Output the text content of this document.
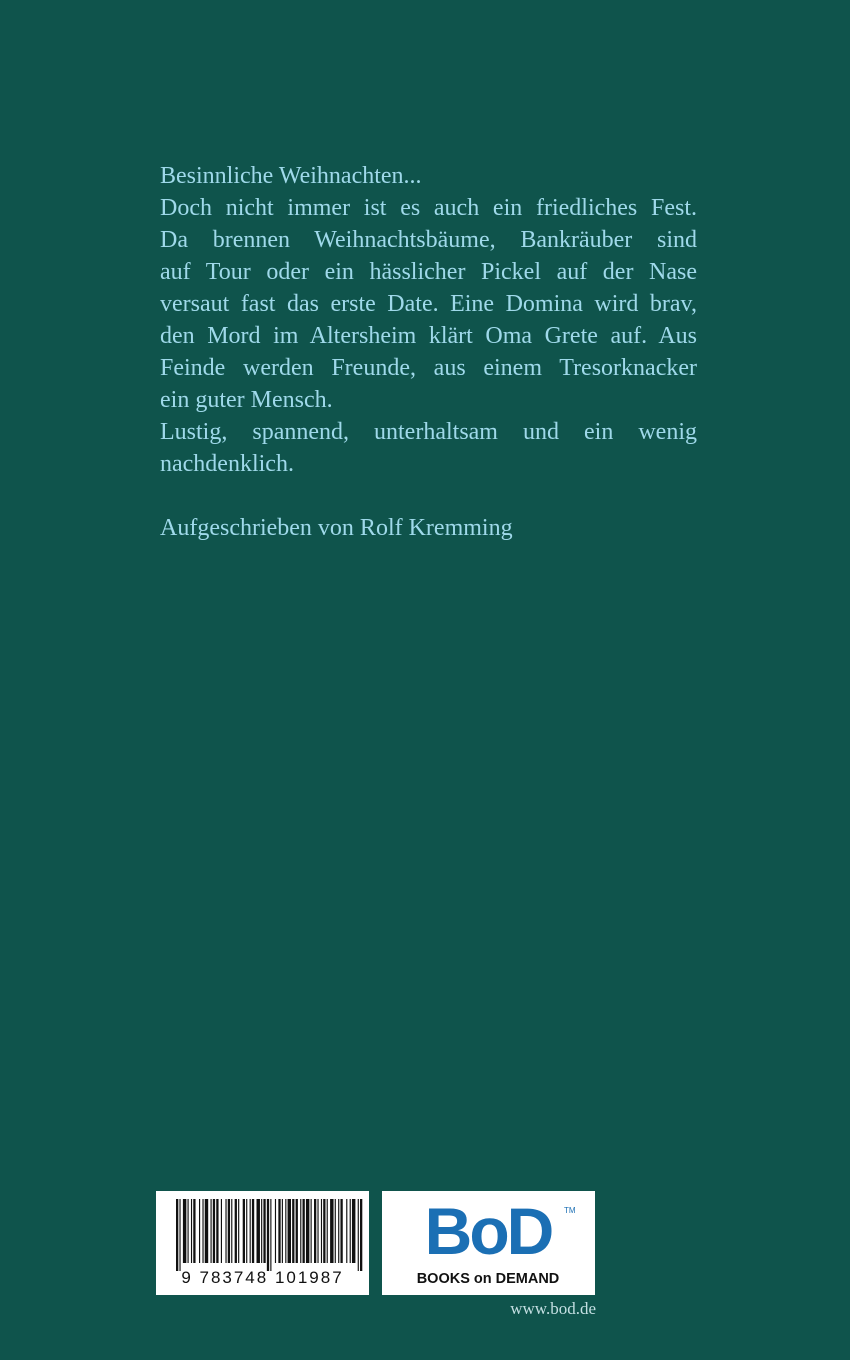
Besinnliche Weihnachten...
Doch nicht immer ist es auch ein friedliches Fest.
Da brennen Weihnachtsbäume, Bankräuber sind
auf Tour oder ein hässlicher Pickel auf der Nase
versaut fast das erste Date. Eine Domina wird brav,
den Mord im Altersheim klärt Oma Grete auf. Aus
Feinde werden Freunde, aus einem Tresorknacker
ein guter Mensch.
Lustig, spannend, unterhaltsam und ein wenig
nachdenklich.
Aufgeschrieben von Rolf Kremming
9 783748 101987
BoD TM
BOOKS on DEMAND
www.bod.de
